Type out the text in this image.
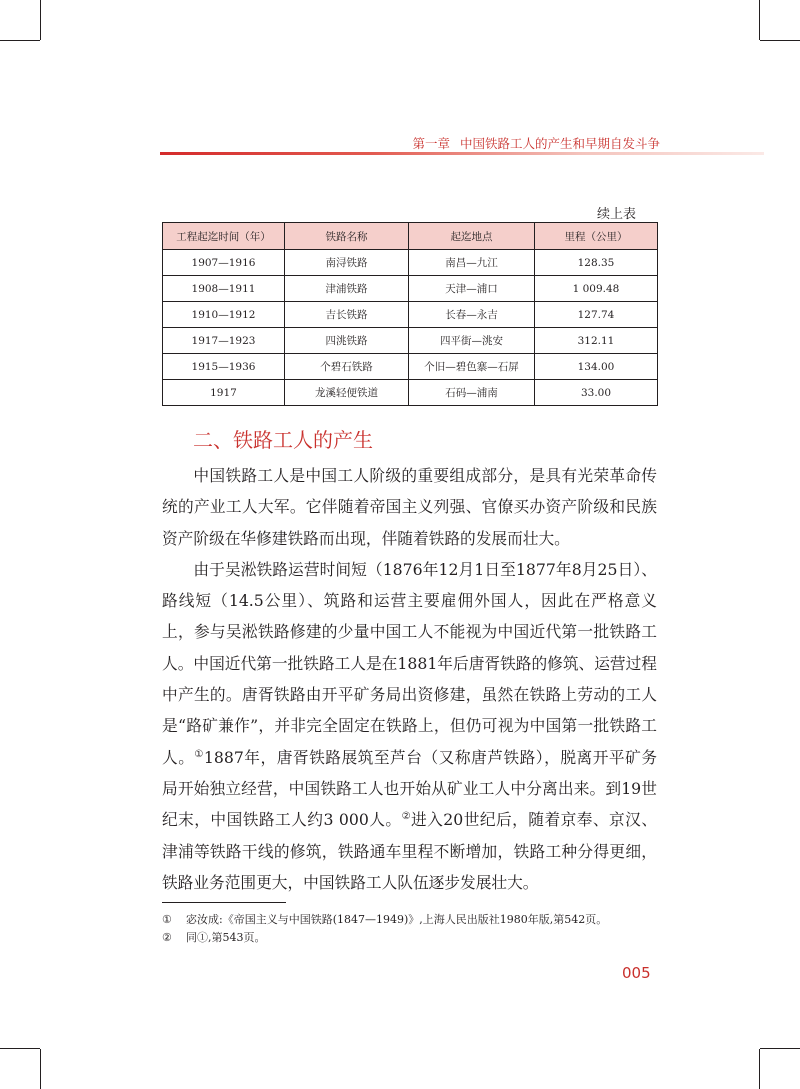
第一章 中国铁路工人的产生和早期自发斗争
续上表
工程起迄时间（年）	铁路名称	起迄地点	里程（公里）
1907—1916	南浔铁路	南昌—九江	128.35
1908—1911	津浦铁路	天津—浦口	1 009.48
1910—1912	吉长铁路	长春—永吉	127.74
1917—1923	四洮铁路	四平街—洮安	312.11
1915—1936	个碧石铁路	个旧—碧色寨—石屏	134.00
1917	龙溪轻便铁道	石码—浦南	33.00
二、铁路工人的产生

中国铁路工人是中国工人阶级的重要组成部分，是具有光荣革命传统的产业工人大军。它伴随着帝国主义列强、官僚买办资产阶级和民族资产阶级在华修建铁路而出现，伴随着铁路的发展而壮大。

由于吴淞铁路运营时间短（1876年12月1日至1877年8月25日）、路线短（14.5公里）、筑路和运营主要雇佣外国人，因此在严格意义上，参与吴淞铁路修建的少量中国工人不能视为中国近代第一批铁路工人。中国近代第一批铁路工人是在1881年后唐胥铁路的修筑、运营过程中产生的。唐胥铁路由开平矿务局出资修建，虽然在铁路上劳动的工人是“路矿兼作”，并非完全固定在铁路上，但仍可视为中国第一批铁路工人。①1887年，唐胥铁路展筑至芦台（又称唐芦铁路），脱离开平矿务局开始独立经营，中国铁路工人也开始从矿业工人中分离出来。到19世纪末，中国铁路工人约3 000人。②进入20世纪后，随着京奉、京汉、津浦等铁路干线的修筑，铁路通车里程不断增加，铁路工种分得更细，铁路业务范围更大，中国铁路工人队伍逐步发展壮大。

① 宓汝成:《帝国主义与中国铁路(1847—1949)》,上海人民出版社1980年版,第542页。
② 同①,第543页。
005
